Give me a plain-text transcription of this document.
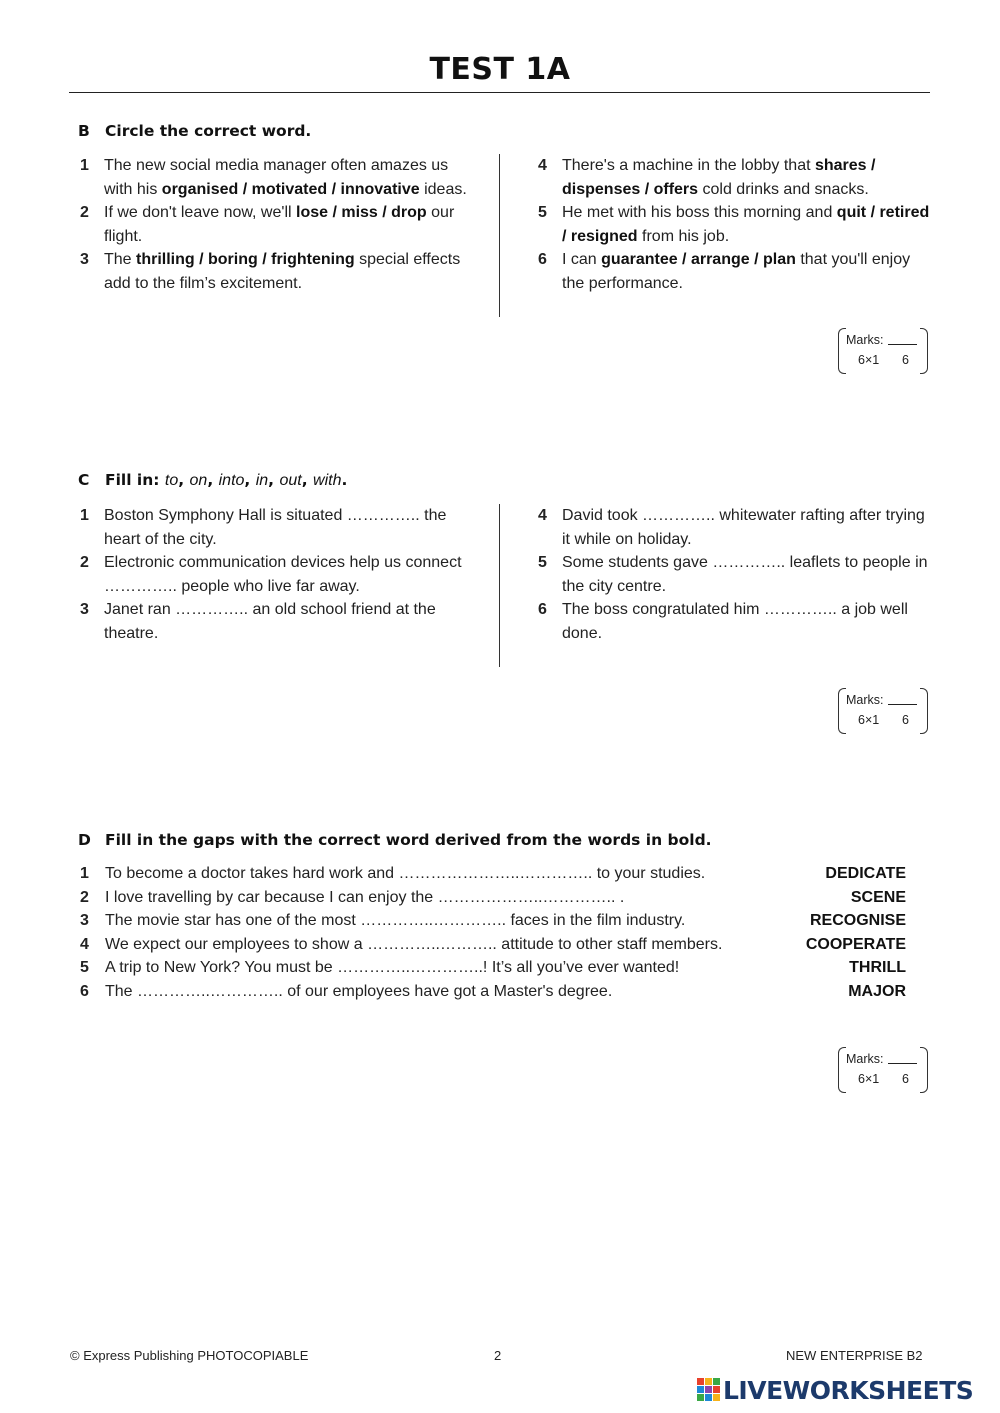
TEST 1A
B Circle the correct word.
1 The new social media manager often amazes us with his organised / motivated / innovative ideas.
2 If we don't leave now, we'll lose / miss / drop our flight.
3 The thrilling / boring / frightening special effects add to the film’s excitement.
4 There's a machine in the lobby that shares / dispenses / offers cold drinks and snacks.
5 He met with his boss this morning and quit / retired / resigned from his job.
6 I can guarantee / arrange / plan that you'll enjoy the performance.
Marks:
6×1 6
C Fill in: to, on, into, in, out, with.
1 Boston Symphony Hall is situated ………….. the heart of the city.
2 Electronic communication devices help us connect ………….. people who live far away.
3 Janet ran ………….. an old school friend at the theatre.
4 David took ………….. whitewater rafting after trying it while on holiday.
5 Some students gave ………….. leaflets to people in the city centre.
6 The boss congratulated him ………….. a job well done.
Marks:
6×1 6
D Fill in the gaps with the correct word derived from the words in bold.
1 To become a doctor takes hard work and …………………..………….. to your studies.	DEDICATE
2 I love travelling by car because I can enjoy the ………………..………….. .	SCENE
3 The movie star has one of the most …………..………….. faces in the film industry.	RECOGNISE
4 We expect our employees to show a …………..……….. attitude to other staff members.	COOPERATE
5 A trip to New York? You must be …………..…………..! It’s all you’ve ever wanted!	THRILL
6 The …………..………….. of our employees have got a Master's degree.	MAJOR
Marks:
6×1 6
© Express Publishing PHOTOCOPIABLE	2	NEW ENTERPRISE B2
LIVEWORKSHEETS
